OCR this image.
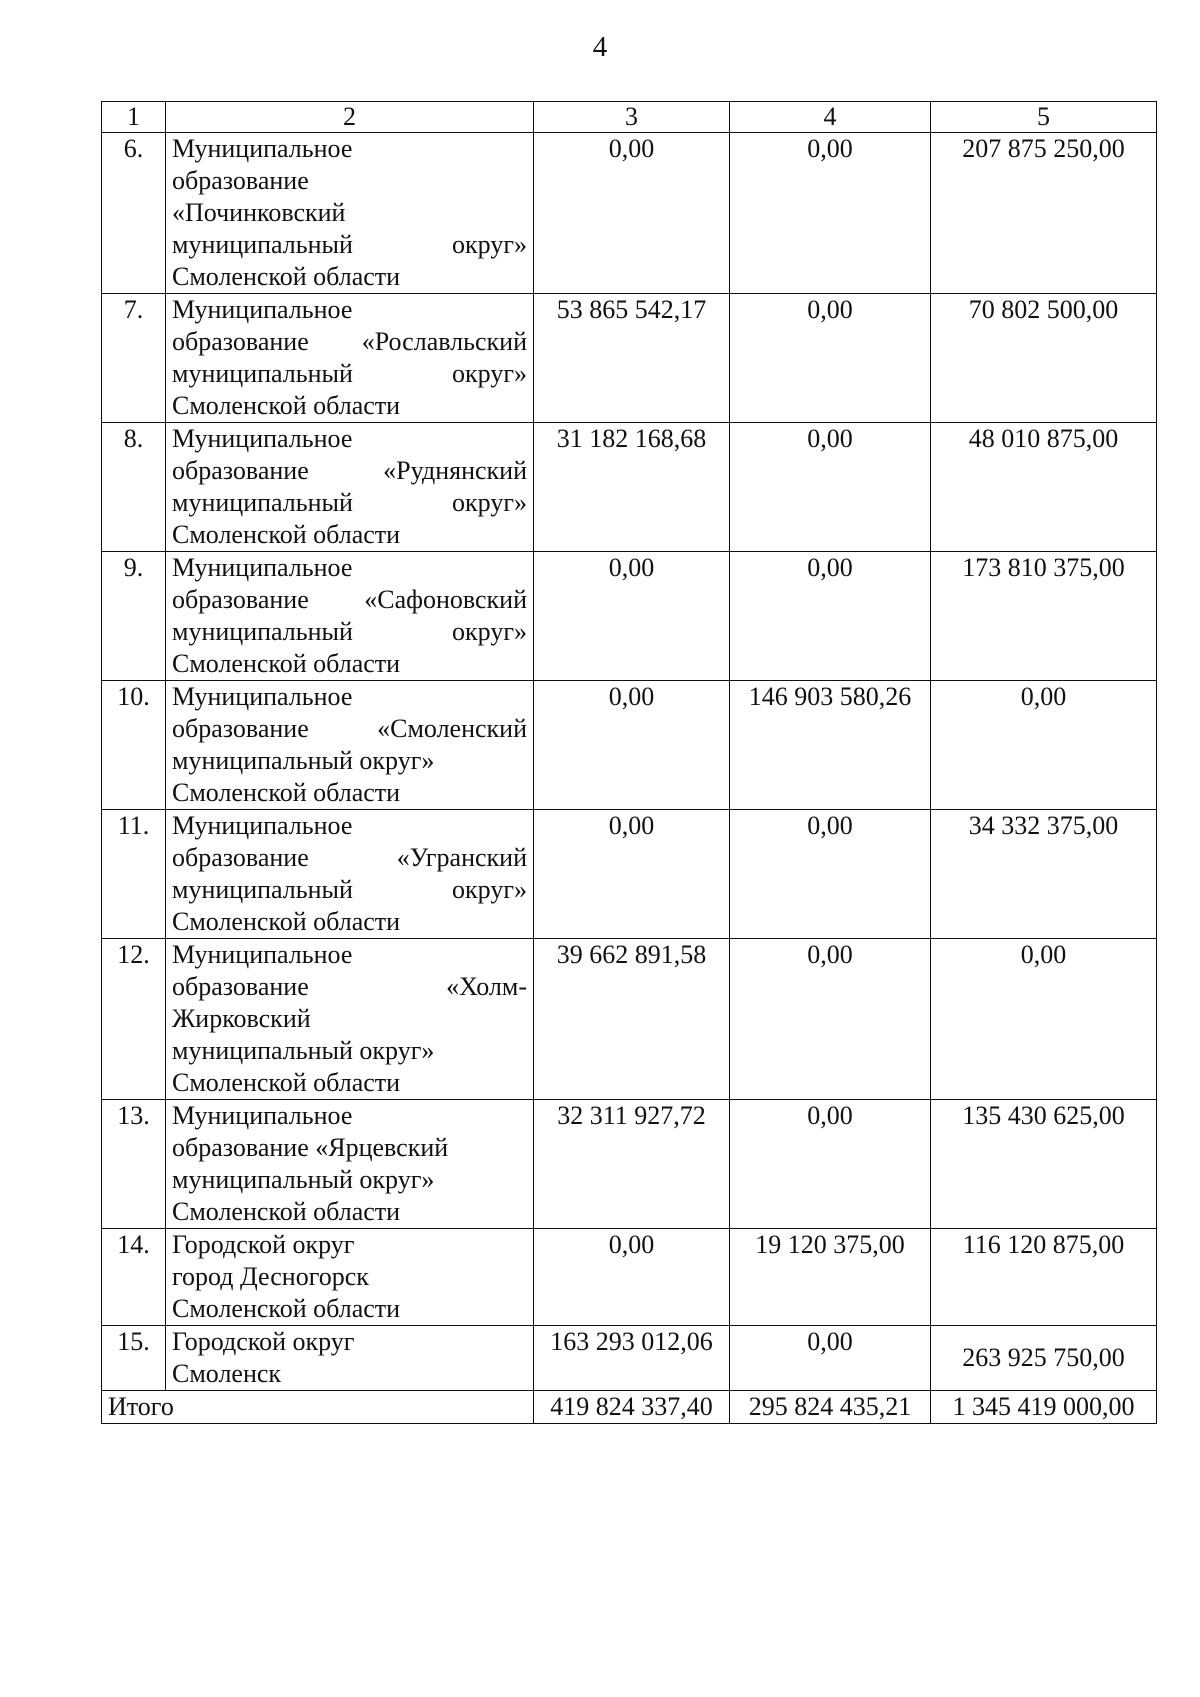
4
1	2	3	4	5
6.	Муниципальное
образование
«Починковский
муниципальный округ»
Смоленской области	0,00	0,00	207 875 250,00
7.	Муниципальное
образование «Рославльский
муниципальный округ»
Смоленской области	53 865 542,17	0,00	70 802 500,00
8.	Муниципальное
образование «Руднянский
муниципальный округ»
Смоленской области	31 182 168,68	0,00	48 010 875,00
9.	Муниципальное
образование «Сафоновский
муниципальный округ»
Смоленской области	0,00	0,00	173 810 375,00
10.	Муниципальное
образование «Смоленский
муниципальный округ»
Смоленской области	0,00	146 903 580,26	0,00
11.	Муниципальное
образование «Угранский
муниципальный округ»
Смоленской области	0,00	0,00	34 332 375,00
12.	Муниципальное
образование «Холм-
Жирковский
муниципальный округ»
Смоленской области	39 662 891,58	0,00	0,00
13.	Муниципальное
образование «Ярцевский
муниципальный округ»
Смоленской области	32 311 927,72	0,00	135 430 625,00
14.	Городской округ
город Десногорск
Смоленской области	0,00	19 120 375,00	116 120 875,00
15.	Городской округ
Смоленск	163 293 012,06	0,00	263 925 750,00
Итого		419 824 337,40	295 824 435,21	1 345 419 000,00
